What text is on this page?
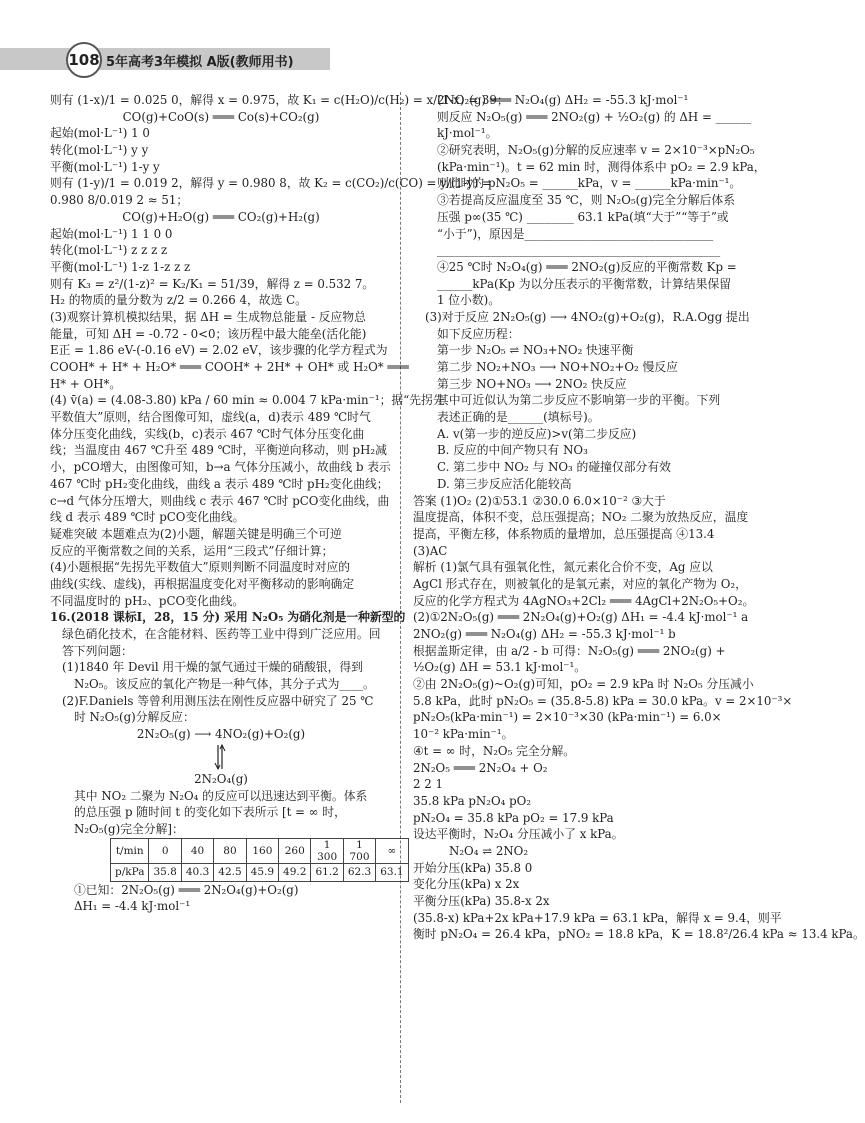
108 5年高考3年模拟 A版(教师用书)
则有 (1-x)/1 = 0.025 0，解得 x = 0.975，故 K₁ = c(H₂O)/c(H₂) = x/(1-x) = 39；
CO(g)+CoO(s) ═══ Co(s)+CO₂(g)
起始(mol·L⁻¹) 1 0
转化(mol·L⁻¹) y y
平衡(mol·L⁻¹) 1-y y
则有 (1-y)/1 = 0.019 2，解得 y = 0.980 8，故 K₂ = c(CO₂)/c(CO) = y/(1-y) =
0.980 8/0.019 2 ≈ 51；
CO(g)+H₂O(g) ═══ CO₂(g)+H₂(g)
起始(mol·L⁻¹) 1 1 0 0
转化(mol·L⁻¹) z z z z
平衡(mol·L⁻¹) 1-z 1-z z z
则有 K₃ = z²/(1-z)² = K₂/K₁ = 51/39，解得 z = 0.532 7。
H₂ 的物质的量分数为 z/2 = 0.266 4，故选 C。
(3)观察计算机模拟结果，据 ΔH = 生成物总能量 - 反应物总
能量，可知 ΔH = -0.72 - 0<0；该历程中最大能垒(活化能)
E正 = 1.86 eV-(-0.16 eV) = 2.02 eV，该步骤的化学方程式为
COOH* + H* + H₂O* ═══ COOH* + 2H* + OH* 或 H₂O* ═══
H* + OH*。
(4) v̄(a) = (4.08-3.80) kPa / 60 min ≈ 0.004 7 kPa·min⁻¹；据“先拐先
平数值大”原则，结合图像可知，虚线(a，d)表示 489 ℃时气
体分压变化曲线，实线(b，c)表示 467 ℃时气体分压变化曲
线；当温度由 467 ℃升至 489 ℃时，平衡逆向移动，则 pH₂减
小，pCO增大，由图像可知，b→a 气体分压减小，故曲线 b 表示
467 ℃时 pH₂变化曲线，曲线 a 表示 489 ℃时 pH₂变化曲线；
c→d 气体分压增大，则曲线 c 表示 467 ℃时 pCO变化曲线，曲
线 d 表示 489 ℃时 pCO变化曲线。
疑难突破 本题难点为(2)小题，解题关键是明确三个可逆
反应的平衡常数之间的关系，运用“三段式”仔细计算；
(4)小题根据“先拐先平数值大”原则判断不同温度时对应的
曲线(实线、虚线)，再根据温度变化对平衡移动的影响确定
不同温度时的 pH₂、pCO变化曲线。
16.(2018 课标Ⅰ，28，15 分) 采用 N₂O₅ 为硝化剂是一种新型的
绿色硝化技术，在含能材料、医药等工业中得到广泛应用。回
答下列问题：
(1)1840 年 Devil 用干燥的氯气通过干燥的硝酸银，得到
N₂O₅。该反应的氧化产物是一种气体，其分子式为____。
(2)F.Daniels 等曾利用测压法在刚性反应器中研究了 25 ℃
时 N₂O₅(g)分解反应：
2N₂O₅(g) ⟶ 4NO₂(g)+O₂(g)
2N₂O₄(g)
其中 NO₂ 二聚为 N₂O₄ 的反应可以迅速达到平衡。体系
的总压强 p 随时间 t 的变化如下表所示 [t = ∞ 时，
N₂O₅(g)完全分解]：
t/min	0	40	80	160	260	1 300	1 700	∞
p/kPa	35.8	40.3	42.5	45.9	49.2	61.2	62.3	63.1
①已知：2N₂O₅(g) ═══ 2N₂O₄(g)+O₂(g)
ΔH₁ = -4.4 kJ·mol⁻¹
2NO₂(g) ═══ N₂O₄(g) ΔH₂ = -55.3 kJ·mol⁻¹
则反应 N₂O₅(g) ═══ 2NO₂(g) + ½O₂(g) 的 ΔH = ______
kJ·mol⁻¹。
②研究表明，N₂O₅(g)分解的反应速率 v = 2×10⁻³×pN₂O₅
(kPa·min⁻¹)。t = 62 min 时，测得体系中 pO₂ = 2.9 kPa，
则此时的 pN₂O₅ = ______kPa，v = ______kPa·min⁻¹。
③若提高反应温度至 35 ℃，则 N₂O₅(g)完全分解后体系
压强 p∞(35 ℃) ________ 63.1 kPa(填“大于”“等于”或
“小于”)，原因是________________________________
________________________________________________
④25 ℃时 N₂O₄(g) ═══ 2NO₂(g)反应的平衡常数 Kp =
______kPa(Kp 为以分压表示的平衡常数，计算结果保留
1 位小数)。
(3)对于反应 2N₂O₅(g) ⟶ 4NO₂(g)+O₂(g)，R.A.Ogg 提出
如下反应历程：
第一步 N₂O₅ ⇌ NO₃+NO₂ 快速平衡
第二步 NO₂+NO₃ ⟶ NO+NO₂+O₂ 慢反应
第三步 NO+NO₃ ⟶ 2NO₂ 快反应
其中可近似认为第二步反应不影响第一步的平衡。下列
表述正确的是______(填标号)。
A. v(第一步的逆反应)>v(第二步反应)
B. 反应的中间产物只有 NO₃
C. 第二步中 NO₂ 与 NO₃ 的碰撞仅部分有效
D. 第三步反应活化能较高
答案 (1)O₂ (2)①53.1 ②30.0 6.0×10⁻² ③大于
温度提高，体积不变，总压强提高；NO₂ 二聚为放热反应，温度
提高，平衡左移，体系物质的量增加，总压强提高 ④13.4
(3)AC
解析 (1)氯气具有强氧化性，氮元素化合价不变，Ag 应以
AgCl 形式存在，则被氧化的是氧元素，对应的氧化产物为 O₂，
反应的化学方程式为 4AgNO₃+2Cl₂ ═══ 4AgCl+2N₂O₅+O₂。
(2)①2N₂O₅(g) ═══ 2N₂O₄(g)+O₂(g) ΔH₁ = -4.4 kJ·mol⁻¹ a
2NO₂(g) ═══ N₂O₄(g) ΔH₂ = -55.3 kJ·mol⁻¹ b
根据盖斯定律，由 a/2 - b 可得：N₂O₅(g) ═══ 2NO₂(g) +
½O₂(g) ΔH = 53.1 kJ·mol⁻¹。
②由 2N₂O₅(g)~O₂(g)可知，pO₂ = 2.9 kPa 时 N₂O₅ 分压减小
5.8 kPa，此时 pN₂O₅ = (35.8-5.8) kPa = 30.0 kPa。v = 2×10⁻³×
pN₂O₅(kPa·min⁻¹) = 2×10⁻³×30 (kPa·min⁻¹) = 6.0×
10⁻² kPa·min⁻¹。
④t = ∞ 时，N₂O₅ 完全分解。
2N₂O₅ ═══ 2N₂O₄ + O₂
2 2 1
35.8 kPa pN₂O₄ pO₂
pN₂O₄ = 35.8 kPa pO₂ = 17.9 kPa
设达平衡时，N₂O₄ 分压减小了 x kPa。
N₂O₄ ⇌ 2NO₂
开始分压(kPa) 35.8 0
变化分压(kPa) x 2x
平衡分压(kPa) 35.8-x 2x
(35.8-x) kPa+2x kPa+17.9 kPa = 63.1 kPa，解得 x = 9.4，则平
衡时 pN₂O₄ = 26.4 kPa，pNO₂ = 18.8 kPa，K = 18.8²/26.4 kPa ≈ 13.4 kPa。
